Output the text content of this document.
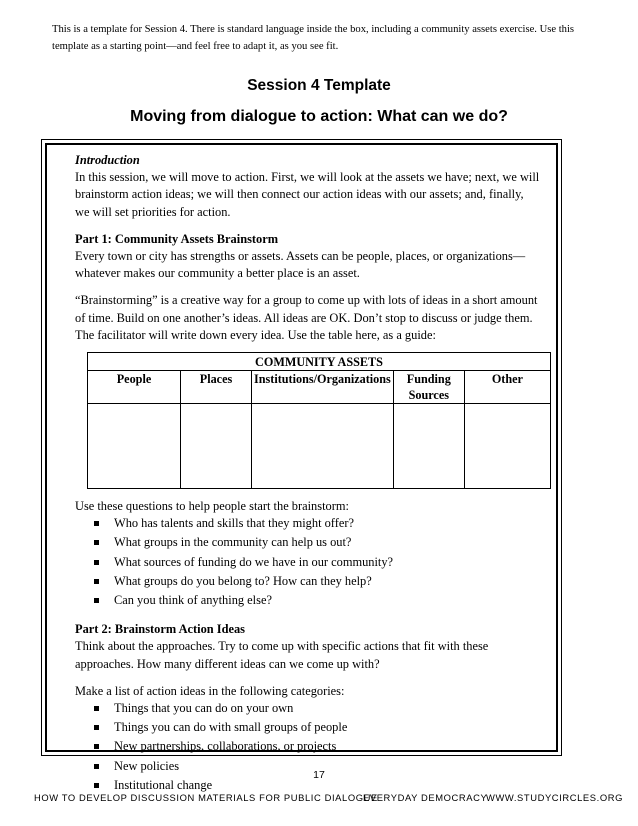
This is a template for Session 4. There is standard language inside the box, including a community assets exercise. Use this
template as a starting point—and feel free to adapt it, as you see fit.
Session 4 Template
Moving from dialogue to action: What can we do?

Introduction

In this session, we will move to action. First, we will look at the assets we have; next, we will

brainstorm action ideas; we will then connect our action ideas with our assets; and, finally,

we will set priorities for action.

Part 1: Community Assets Brainstorm

Every town or city has strengths or assets. Assets can be people, places, or organizations—

whatever makes our community a better place is an asset.

“Brainstorming” is a creative way for a group to come up with lots of ideas in a short amount

of time. Build on one another’s ideas. All ideas are OK. Don’t stop to discuss or judge them.

The facilitator will write down every idea. Use the table here, as a guide:

COMMUNITY ASSETS				
People	Places	Institutions/Organizations	Funding Sources	Other

Use these questions to help people start the brainstorm:

Who has talents and skills that they might offer?
What groups in the community can help us out?
What sources of funding do we have in our community?
What groups do you belong to? How can they help?
Can you think of anything else?

Part 2: Brainstorm Action Ideas

Think about the approaches. Try to come up with specific actions that fit with these

approaches. How many different ideas can we come up with?

Make a list of action ideas in the following categories:

Things that you can do on your own
Things you can do with small groups of people
New partnerships, collaborations, or projects
New policies
Institutional change
17
HOW TO DEVELOP DISCUSSION MATERIALS FOR PUBLIC DIALOGUE
EVERYDAY DEMOCRACY
WWW.STUDYCIRCLES.ORG
